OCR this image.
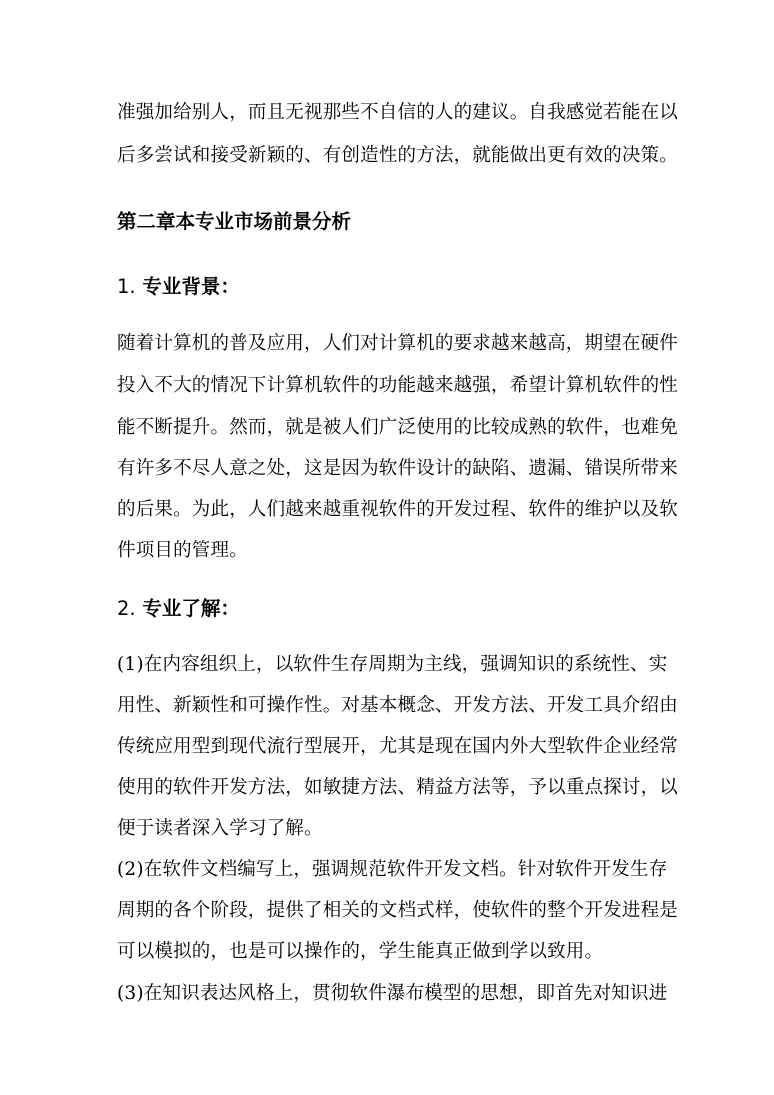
准强加给别人，而且无视那些不自信的人的建议。自我感觉若能在以
后多尝试和接受新颖的、有创造性的方法，就能做出更有效的决策。
第二章本专业市场前景分析
1. 专业背景：
随着计算机的普及应用，人们对计算机的要求越来越高，期望在硬件
投入不大的情况下计算机软件的功能越来越强，希望计算机软件的性
能不断提升。然而，就是被人们广泛使用的比较成熟的软件，也难免
有许多不尽人意之处，这是因为软件设计的缺陷、遗漏、错误所带来
的后果。为此，人们越来越重视软件的开发过程、软件的维护以及软
件项目的管理。
2. 专业了解：
(1)在内容组织上，以软件生存周期为主线，强调知识的系统性、实
用性、新颖性和可操作性。对基本概念、开发方法、开发工具介绍由
传统应用型到现代流行型展开，尤其是现在国内外大型软件企业经常
使用的软件开发方法，如敏捷方法、精益方法等，予以重点探讨，以
便于读者深入学习了解。
(2)在软件文档编写上，强调规范软件开发文档。针对软件开发生存
周期的各个阶段，提供了相关的文档式样，使软件的整个开发进程是
可以模拟的，也是可以操作的，学生能真正做到学以致用。
(3)在知识表达风格上，贯彻软件瀑布模型的思想，即首先对知识进
